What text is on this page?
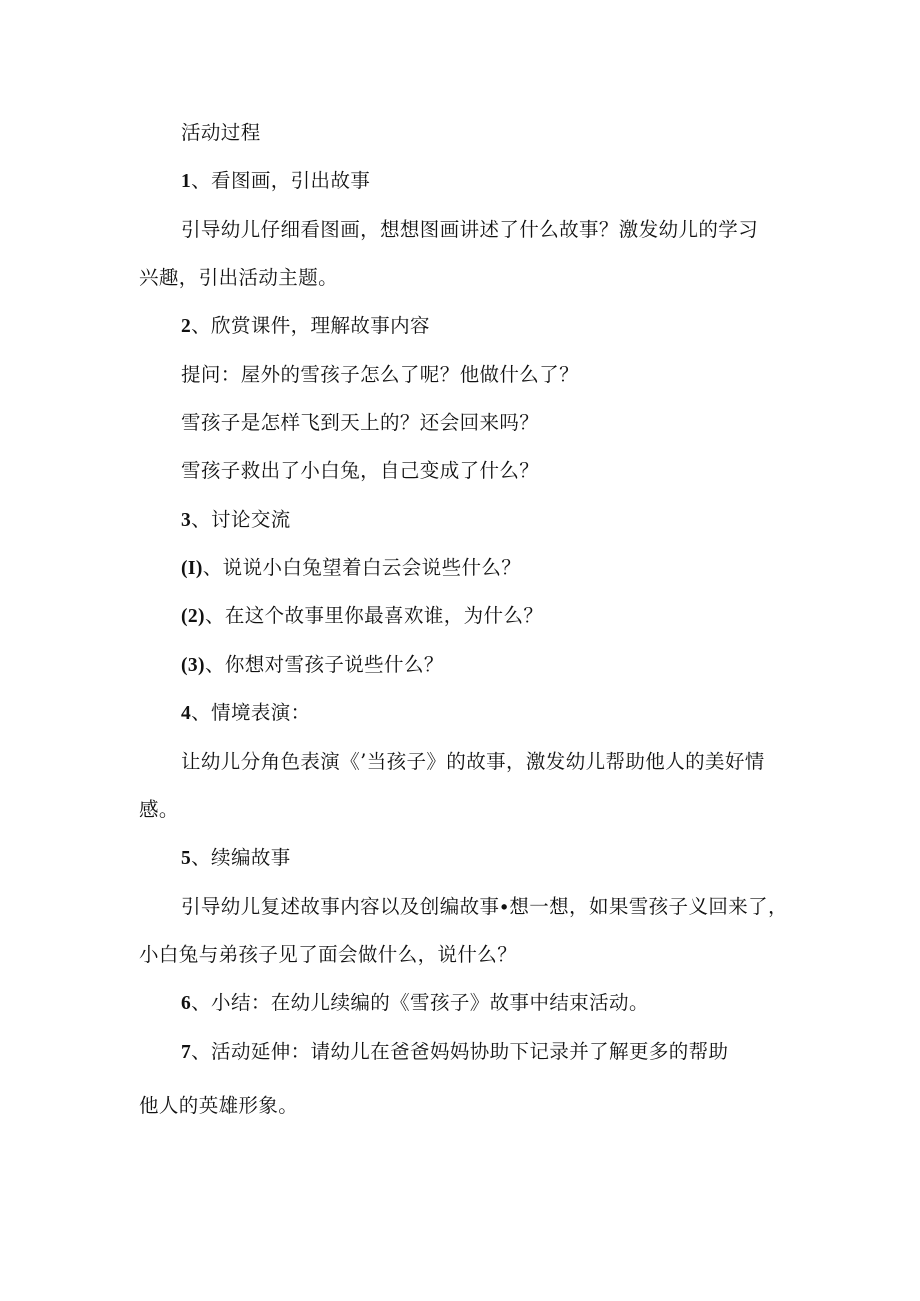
活动过程
1、看图画，引出故事
引导幼儿仔细看图画，想想图画讲述了什么故事？激发幼儿的学习
兴趣，引出活动主题。
2、欣赏课件，理解故事内容
提问：屋外的雪孩子怎么了呢？他做什么了？
雪孩子是怎样飞到天上的？还会回来吗？
雪孩子救出了小白兔，自己变成了什么？
3、讨论交流
(I)、说说小白兔望着白云会说些什么？
(2)、在这个故事里你最喜欢谁，为什么？
(3)、你想对雪孩子说些什么？
4、情境表演：
让幼儿分角色表演《’当孩子》的故事，激发幼儿帮助他人的美好情
感。
5、续编故事
引导幼儿复述故事内容以及创编故事∙想一想，如果雪孩子义回来了，
小白兔与弟孩子见了面会做什么，说什么？
6、小结：在幼儿续编的《雪孩子》故事中结束活动。
7、活动延伸：请幼儿在爸爸妈妈协助下记录并了解更多的帮助
他人的英雄形象。
